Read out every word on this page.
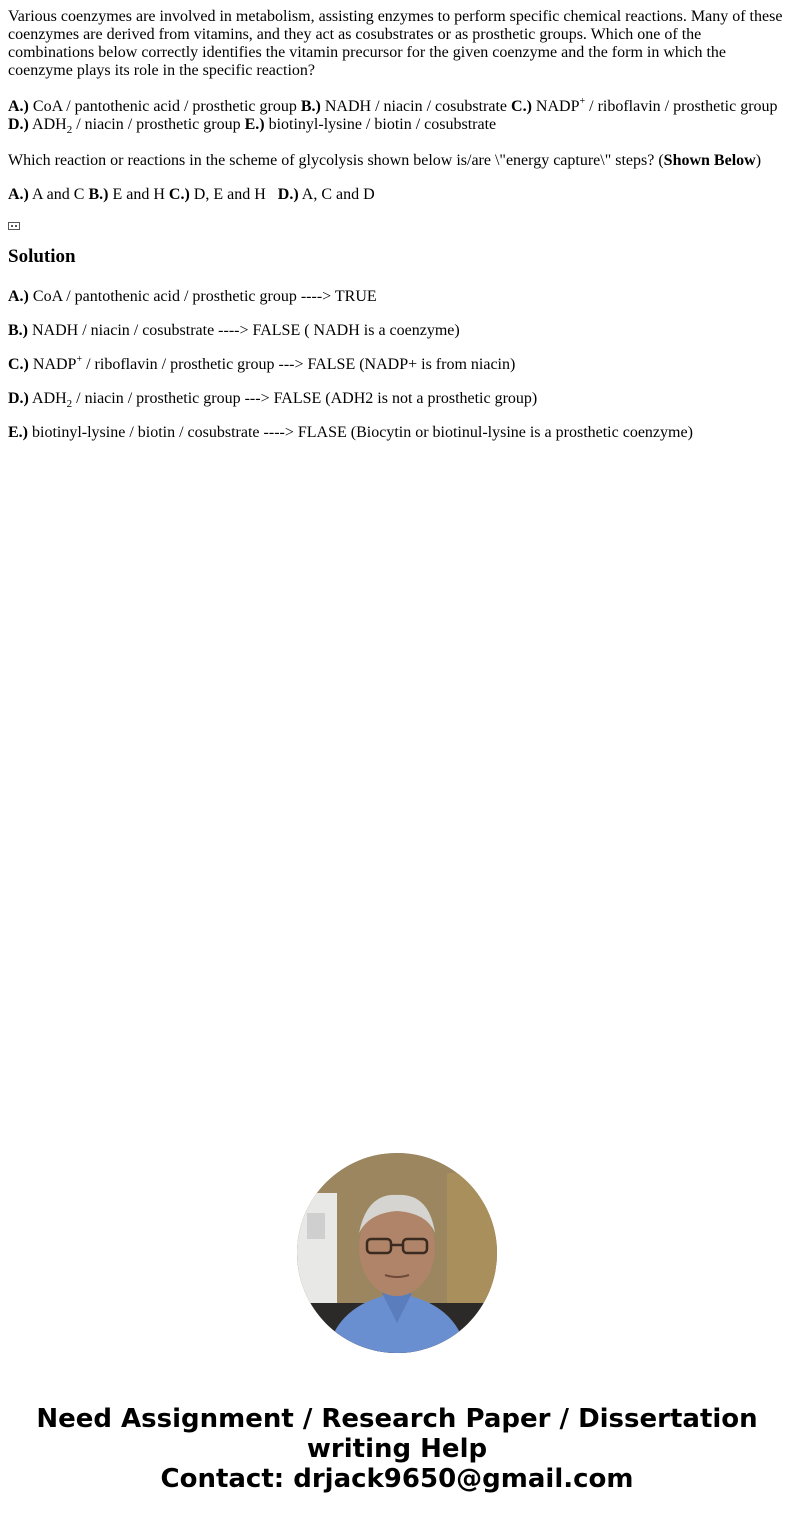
Various coenzymes are involved in metabolism, assisting enzymes to perform specific chemical reactions. Many of these coenzymes are derived from vitamins, and they act as cosubstrates or as prosthetic groups. Which one of the combinations below correctly identifies the vitamin precursor for the given coenzyme and the form in which the coenzyme plays its role in the specific reaction?

A.) CoA / pantothenic acid / prosthetic group B.) NADH / niacin / cosubstrate C.) NADP+ / riboflavin / prosthetic group D.) $ADH_2$ / niacin / prosthetic group E.) biotinyl-lysine / biotin / cosubstrate

Which reaction or reactions in the scheme of glycolysis shown below is/are \"energy capture\" steps? (Shown Below)

A.) A and C B.) E and H C.) D, E and H   D.) A, C and D

Solution

A.) CoA / pantothenic acid / prosthetic group ----> TRUE

B.) NADH / niacin / cosubstrate ----> FALSE ( NADH is a coenzyme)

C.) NADP+ / riboflavin / prosthetic group ---> FALSE (NADP+ is from niacin)

D.) $ADH_2$ / niacin / prosthetic group ---> FALSE (ADH2 is not a prosthetic group)

E.) biotinyl-lysine / biotin / cosubstrate ----> FLASE (Biocytin or biotinul-lysine is a prosthetic coenzyme)

Need Assignment / Research Paper / Dissertation
writing Help
Contact: drjack9650@gmail.com
